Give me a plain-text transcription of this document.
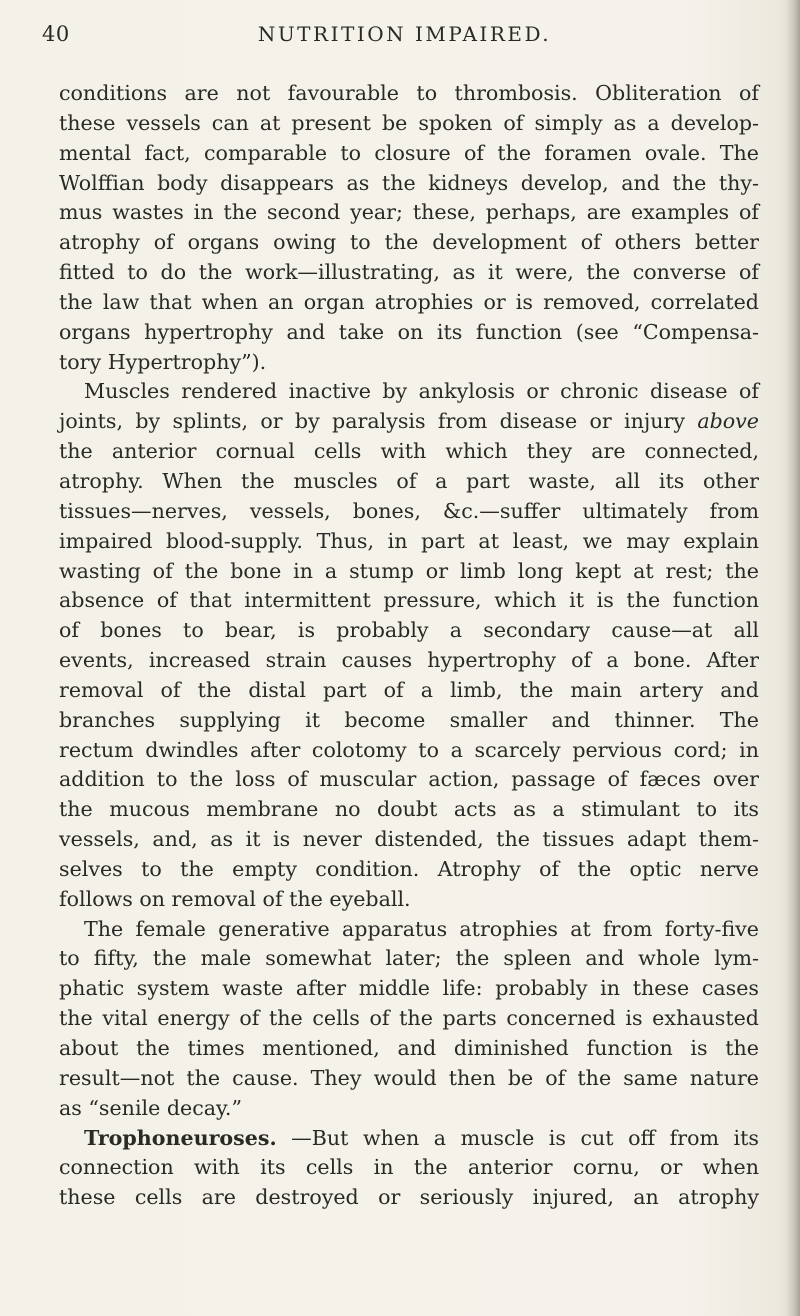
40	NUTRITION IMPAIRED.
conditions are not favourable to thrombosis. Obliteration of
these vessels can at present be spoken of simply as a develop-
mental fact, comparable to closure of the foramen ovale. The
Wolffian body disappears as the kidneys develop, and the thy-
mus wastes in the second year; these, perhaps, are examples of
atrophy of organs owing to the development of others better
fitted to do the work—illustrating, as it were, the converse of
the law that when an organ atrophies or is removed, correlated
organs hypertrophy and take on its function (see “Compensa-
tory Hypertrophy”).
Muscles rendered inactive by ankylosis or chronic disease of
joints, by splints, or by paralysis from disease or injury above
the anterior cornual cells with which they are connected,
atrophy. When the muscles of a part waste, all its other
tissues—nerves, vessels, bones, &c.—suffer ultimately from
impaired blood-supply. Thus, in part at least, we may explain
wasting of the bone in a stump or limb long kept at rest; the
absence of that intermittent pressure, which it is the function
of bones to bear, is probably a secondary cause—at all
events, increased strain causes hypertrophy of a bone. After
removal of the distal part of a limb, the main artery and
branches supplying it become smaller and thinner. The
rectum dwindles after colotomy to a scarcely pervious cord; in
addition to the loss of muscular action, passage of fæces over
the mucous membrane no doubt acts as a stimulant to its
vessels, and, as it is never distended, the tissues adapt them-
selves to the empty condition. Atrophy of the optic nerve
follows on removal of the eyeball.
The female generative apparatus atrophies at from forty-five
to fifty, the male somewhat later; the spleen and whole lym-
phatic system waste after middle life: probably in these cases
the vital energy of the cells of the parts concerned is exhausted
about the times mentioned, and diminished function is the
result—not the cause. They would then be of the same nature
as “senile decay.”
Trophoneuroses. —But when a muscle is cut off from its
connection with its cells in the anterior cornu, or when
these cells are destroyed or seriously injured, an atrophy
